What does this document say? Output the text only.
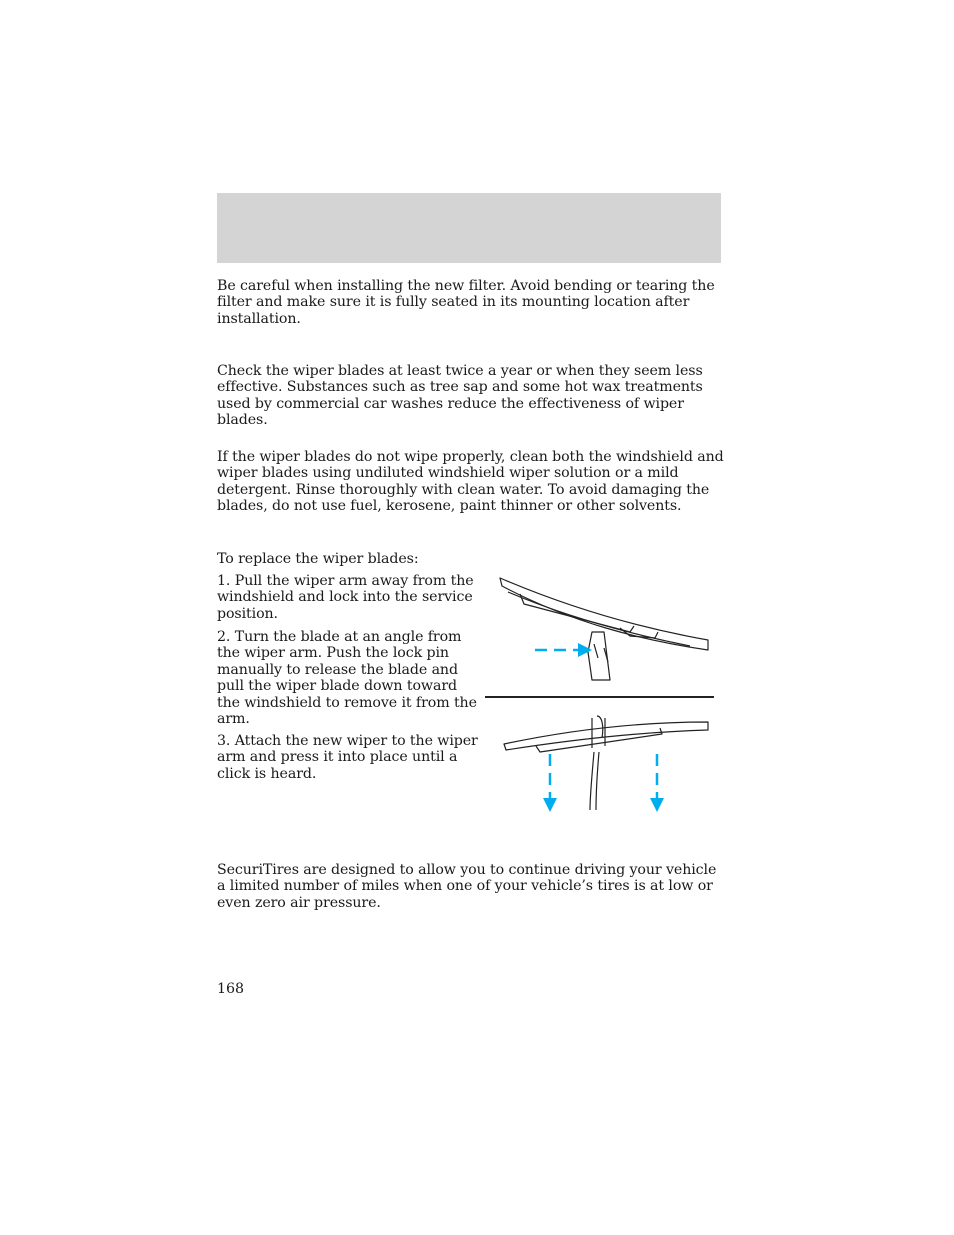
Be careful when installing the new filter. Avoid bending or tearing the filter and make sure it is fully seated in its mounting location after installation.

Check the wiper blades at least twice a year or when they seem less effective. Substances such as tree sap and some hot wax treatments used by commercial car washes reduce the effectiveness of wiper blades.

If the wiper blades do not wipe properly, clean both the windshield and wiper blades using undiluted windshield wiper solution or a mild detergent. Rinse thoroughly with clean water. To avoid damaging the blades, do not use fuel, kerosene, paint thinner or other solvents.

To replace the wiper blades:

1. Pull the wiper arm away from the windshield and lock into the service position.

2. Turn the blade at an angle from the wiper arm. Push the lock pin manually to release the blade and pull the wiper blade down toward the windshield to remove it from the arm.

3. Attach the new wiper to the wiper arm and press it into place until a click is heard.

SecuriTires are designed to allow you to continue driving your vehicle a limited number of miles when one of your vehicle’s tires is at low or even zero air pressure.

168
